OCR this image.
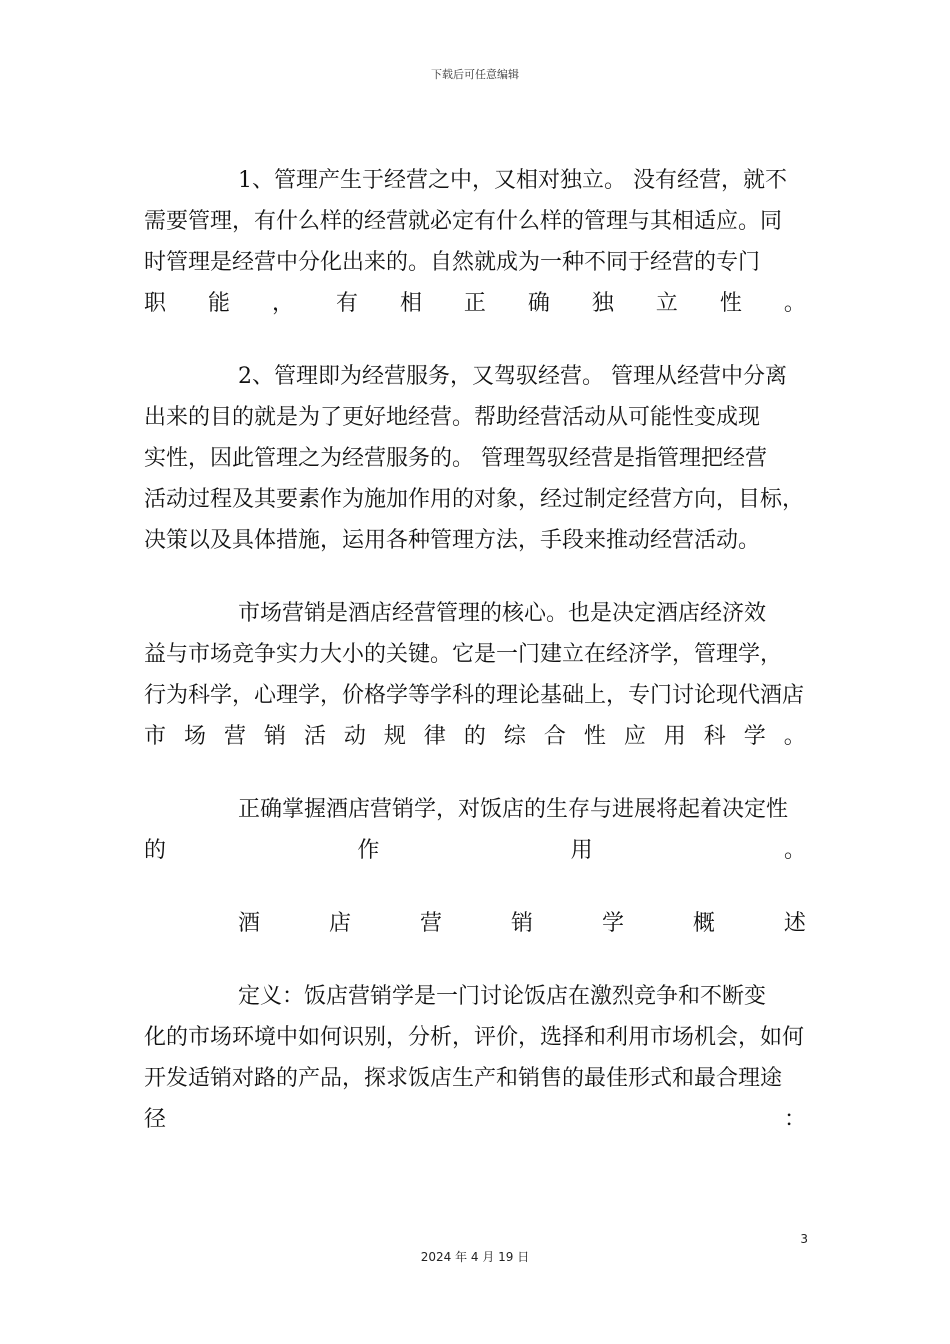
下载后可任意编辑

1、管理产生于经营之中，又相对独立。 没有经营，就不

需要管理，有什么样的经营就必定有什么样的管理与其相适应。同

时管理是经营中分化出来的。自然就成为一种不同于经营的专门

职 能 ， 有 相 正 确 独 立 性 。

2、管理即为经营服务，又驾驭经营。 管理从经营中分离

出来的目的就是为了更好地经营。帮助经营活动从可能性变成现

实性，因此管理之为经营服务的。 管理驾驭经营是指管理把经营

活动过程及其要素作为施加作用的对象，经过制定经营方向，目标，

决策以及具体措施，运用各种管理方法，手段来推动经营活动。

市场营销是酒店经营管理的核心。也是决定酒店经济效

益与市场竞争实力大小的关键。它是一门建立在经济学，管理学，

行为科学，心理学，价格学等学科的理论基础上，专门讨论现代酒店

市 场 营 销 活 动 规 律 的 综 合 性 应 用 科 学 。

正确掌握酒店营销学，对饭店的生存与进展将起着决定性

的	作	用	。
酒	店	营	销	学	概	述

定义：饭店营销学是一门讨论饭店在激烈竞争和不断变

化的市场环境中如何识别，分析，评价，选择和利用市场机会，如何

开发适销对路的产品，探求饭店生产和销售的最佳形式和最合理途

径	：
3
2024 年 4 月 19 日
